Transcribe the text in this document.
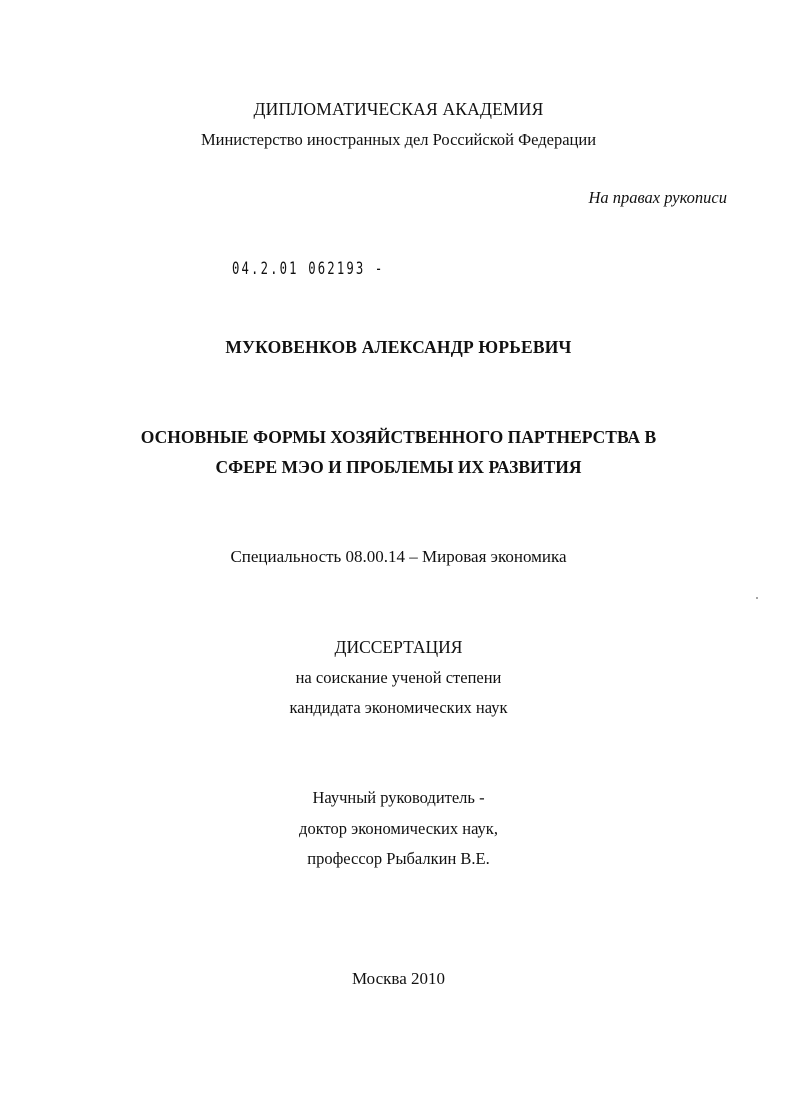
ДИПЛОМАТИЧЕСКАЯ АКАДЕМИЯ
Министерство иностранных дел Российской Федерации
На правах рукописи
04.2.01 062193 -
МУКОВЕНКОВ АЛЕКСАНДР ЮРЬЕВИЧ
ОСНОВНЫЕ ФОРМЫ ХОЗЯЙСТВЕННОГО ПАРТНЕРСТВА В
СФЕРЕ МЭО И ПРОБЛЕМЫ ИХ РАЗВИТИЯ
Специальность 08.00.14 – Мировая экономика
ДИССЕРТАЦИЯ
на соискание ученой степени
кандидата экономических наук
Научный руководитель -
доктор экономических наук,
профессор Рыбалкин В.Е.
Москва 2010
